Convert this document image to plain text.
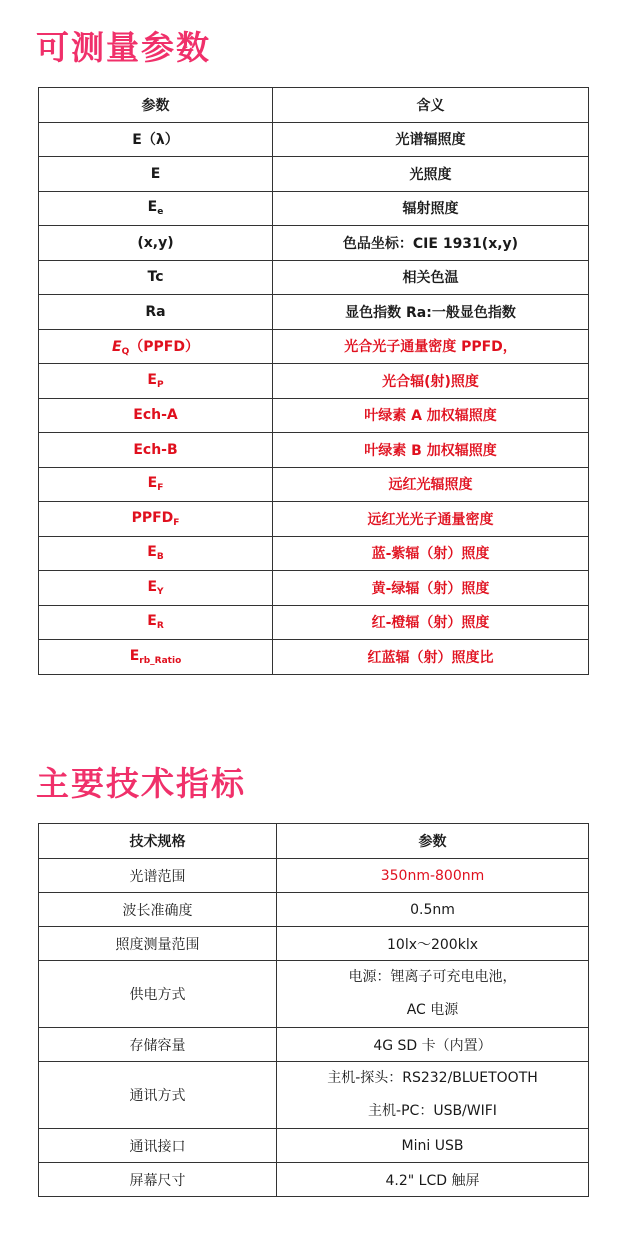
可测量参数
参数	含义
E（λ）	光谱辐照度
E	光照度
$E_e$	辐射照度
(x,y)	色品坐标：CIE 1931(x,y)
Tc	相关色温
Ra	显色指数 Ra:一般显色指数
$E_Q(PPFD)$	光合光子通量密度 PPFD，
$E_P$	光合辐(射)照度
Ech-A	叶绿素 A 加权辐照度
Ech-B	叶绿素 B 加权辐照度
$E_F$	远红光辐照度
$PPFD_F$	远红光光子通量密度
$E_B$	蓝-紫辐（射）照度
$E_Y$	黄-绿辐（射）照度
$E_R$	红-橙辐（射）照度
$E_{rb\_Ratio}$	红蓝辐（射）照度比
主要技术指标
技术规格	参数
光谱范围	350nm-800nm
波长准确度	0.5nm
照度测量范围	10lx～200klx
供电方式	电源：锂离子可充电电池，
AC 电源

存储容量	4G SD 卡（内置）
通讯方式	主机-探头：RS232/BLUETOOTH
主机-PC：USB/WIFI

通讯接口	Mini USB
屏幕尺寸	4.2" LCD 触屏
